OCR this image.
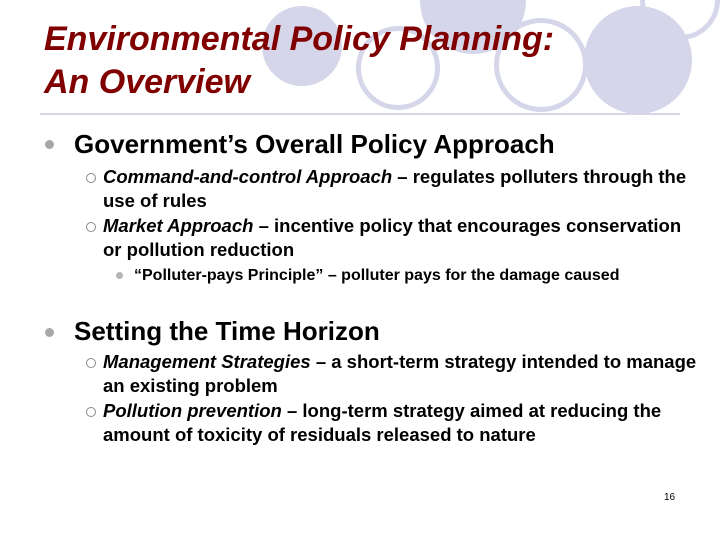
Environmental Policy Planning:
An Overview
Government’s Overall Policy Approach
Command-and-control Approach – regulates polluters through the use of rules
Market Approach – incentive policy that encourages conservation or pollution reduction
“Polluter-pays Principle” – polluter pays for the damage caused
Setting the Time Horizon
Management Strategies – a short-term strategy intended to manage an existing problem
Pollution prevention – long-term strategy aimed at reducing the amount of toxicity of residuals released to nature
16
